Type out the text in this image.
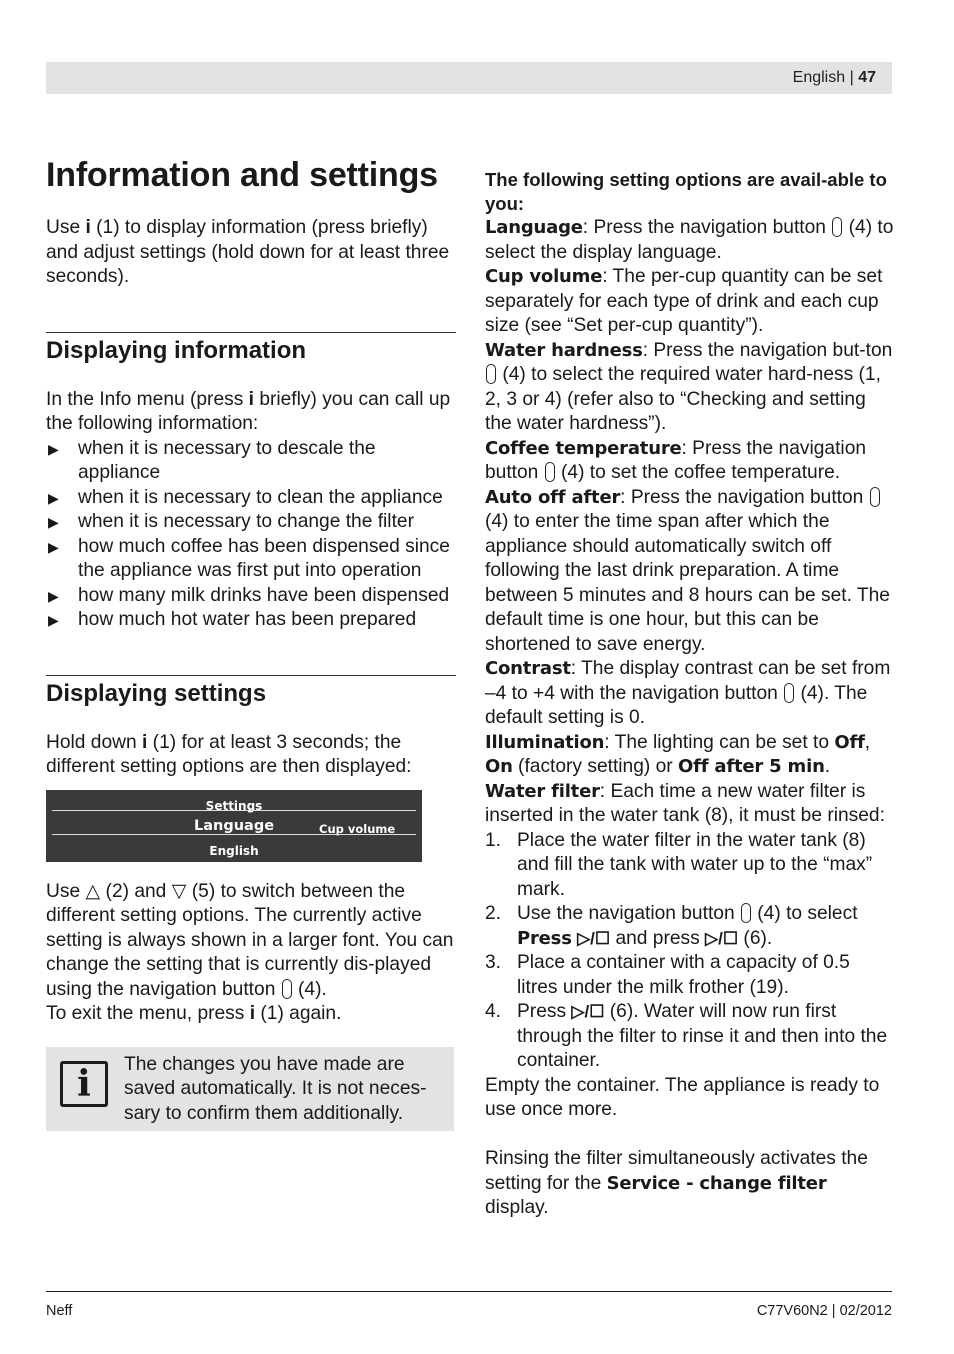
English | 47
Information and settings

Use i (1) to display information (press briefly) and adjust settings (hold down for at least three seconds).

Displaying information

In the Info menu (press i briefly) you can call up the following information:

▶ when it is necessary to descale the appliance
▶ when it is necessary to clean the appliance
▶ when it is necessary to change the filter
▶ how much coffee has been dispensed since the appliance was first put into operation
▶ how many milk drinks have been dispensed
▶ how much hot water has been prepared
Displaying settings

Hold down i (1) for at least 3 seconds; the different setting options are then displayed:

Settings
Language	Cup volume
English

Use △ (2) and ▽ (5) to switch between the different setting options. The currently active setting is always shown in a larger font. You can change the setting that is currently dis-played using the navigation button  (4).

To exit the menu, press i (1) again.

i	The changes you have made are saved automatically. It is not neces-sary to confirm them additionally.

The following setting options are avail-able to you:

Language: Press the navigation button  (4) to select the display language.

Cup volume: The per-cup quantity can be set separately for each type of drink and each cup size (see “Set per-cup quantity”).

Water hardness: Press the navigation but-ton  (4) to select the required water hard-ness (1, 2, 3 or 4) (refer also to “Checking and setting the water hardness”).

Coffee temperature: Press the navigation button  (4) to set the coffee temperature.

Auto off after: Press the navigation button  (4) to enter the time span after which the appliance should automatically switch off following the last drink preparation. A time between 5 minutes and 8 hours can be set. The default time is one hour, but this can be shortened to save energy.

Contrast: The display contrast can be set from –4 to +4 with the navigation button  (4). The default setting is 0.

Illumination: The lighting can be set to Off, On (factory setting) or Off after 5 min.

Water filter: Each time a new water filter is inserted in the water tank (8), it must be rinsed:

1. Place the water filter in the water tank (8) and fill the tank with water up to the “max” mark.
2. Use the navigation button  (4) to select Press ▷/☐ and press ▷/☐ (6).
3. Place a container with a capacity of 0.5 litres under the milk frother (19).
4. Press ▷/☐ (6). Water will now run first through the filter to rinse it and then into the container.

Empty the container. The appliance is ready to use once more.

Rinsing the filter simultaneously activates the setting for the Service - change filter display.

Neff	C77V60N2 | 02/2012
